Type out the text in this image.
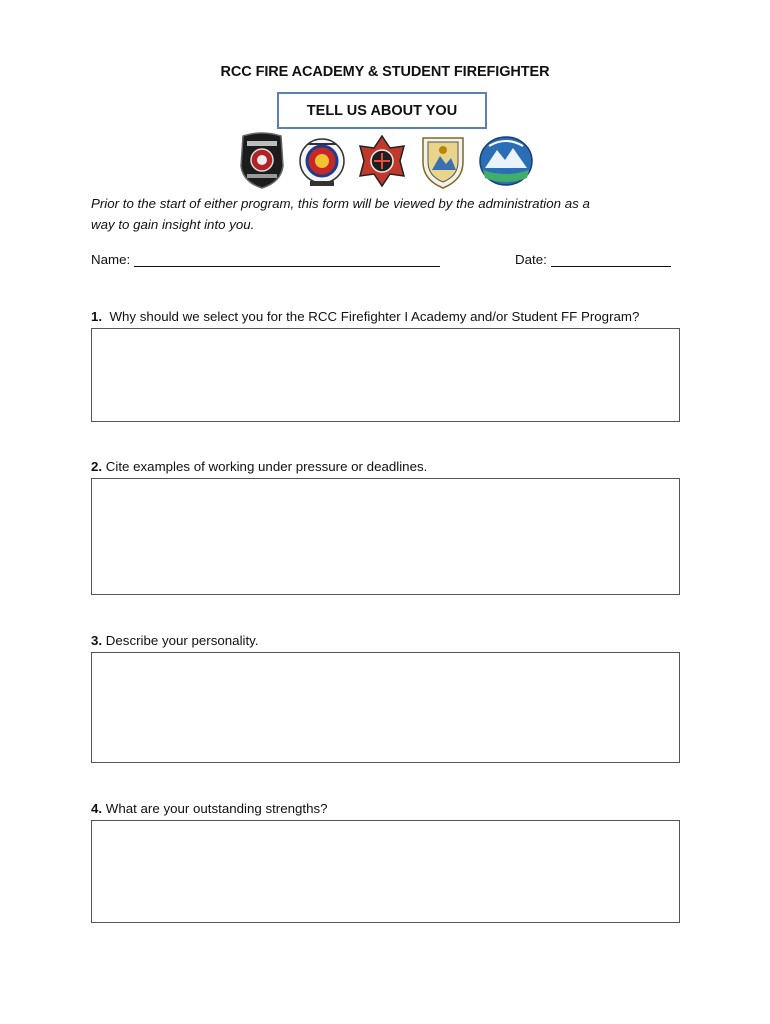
RCC FIRE ACADEMY & STUDENT FIREFIGHTER
TELL US ABOUT YOU
Prior to the start of either program, this form will be viewed by the administration as a
way to gain insight into you.
Name:	Date:
1. Why should we select you for the RCC Firefighter I Academy and/or Student FF Program?
2. Cite examples of working under pressure or deadlines.
3. Describe your personality.
4. What are your outstanding strengths?
